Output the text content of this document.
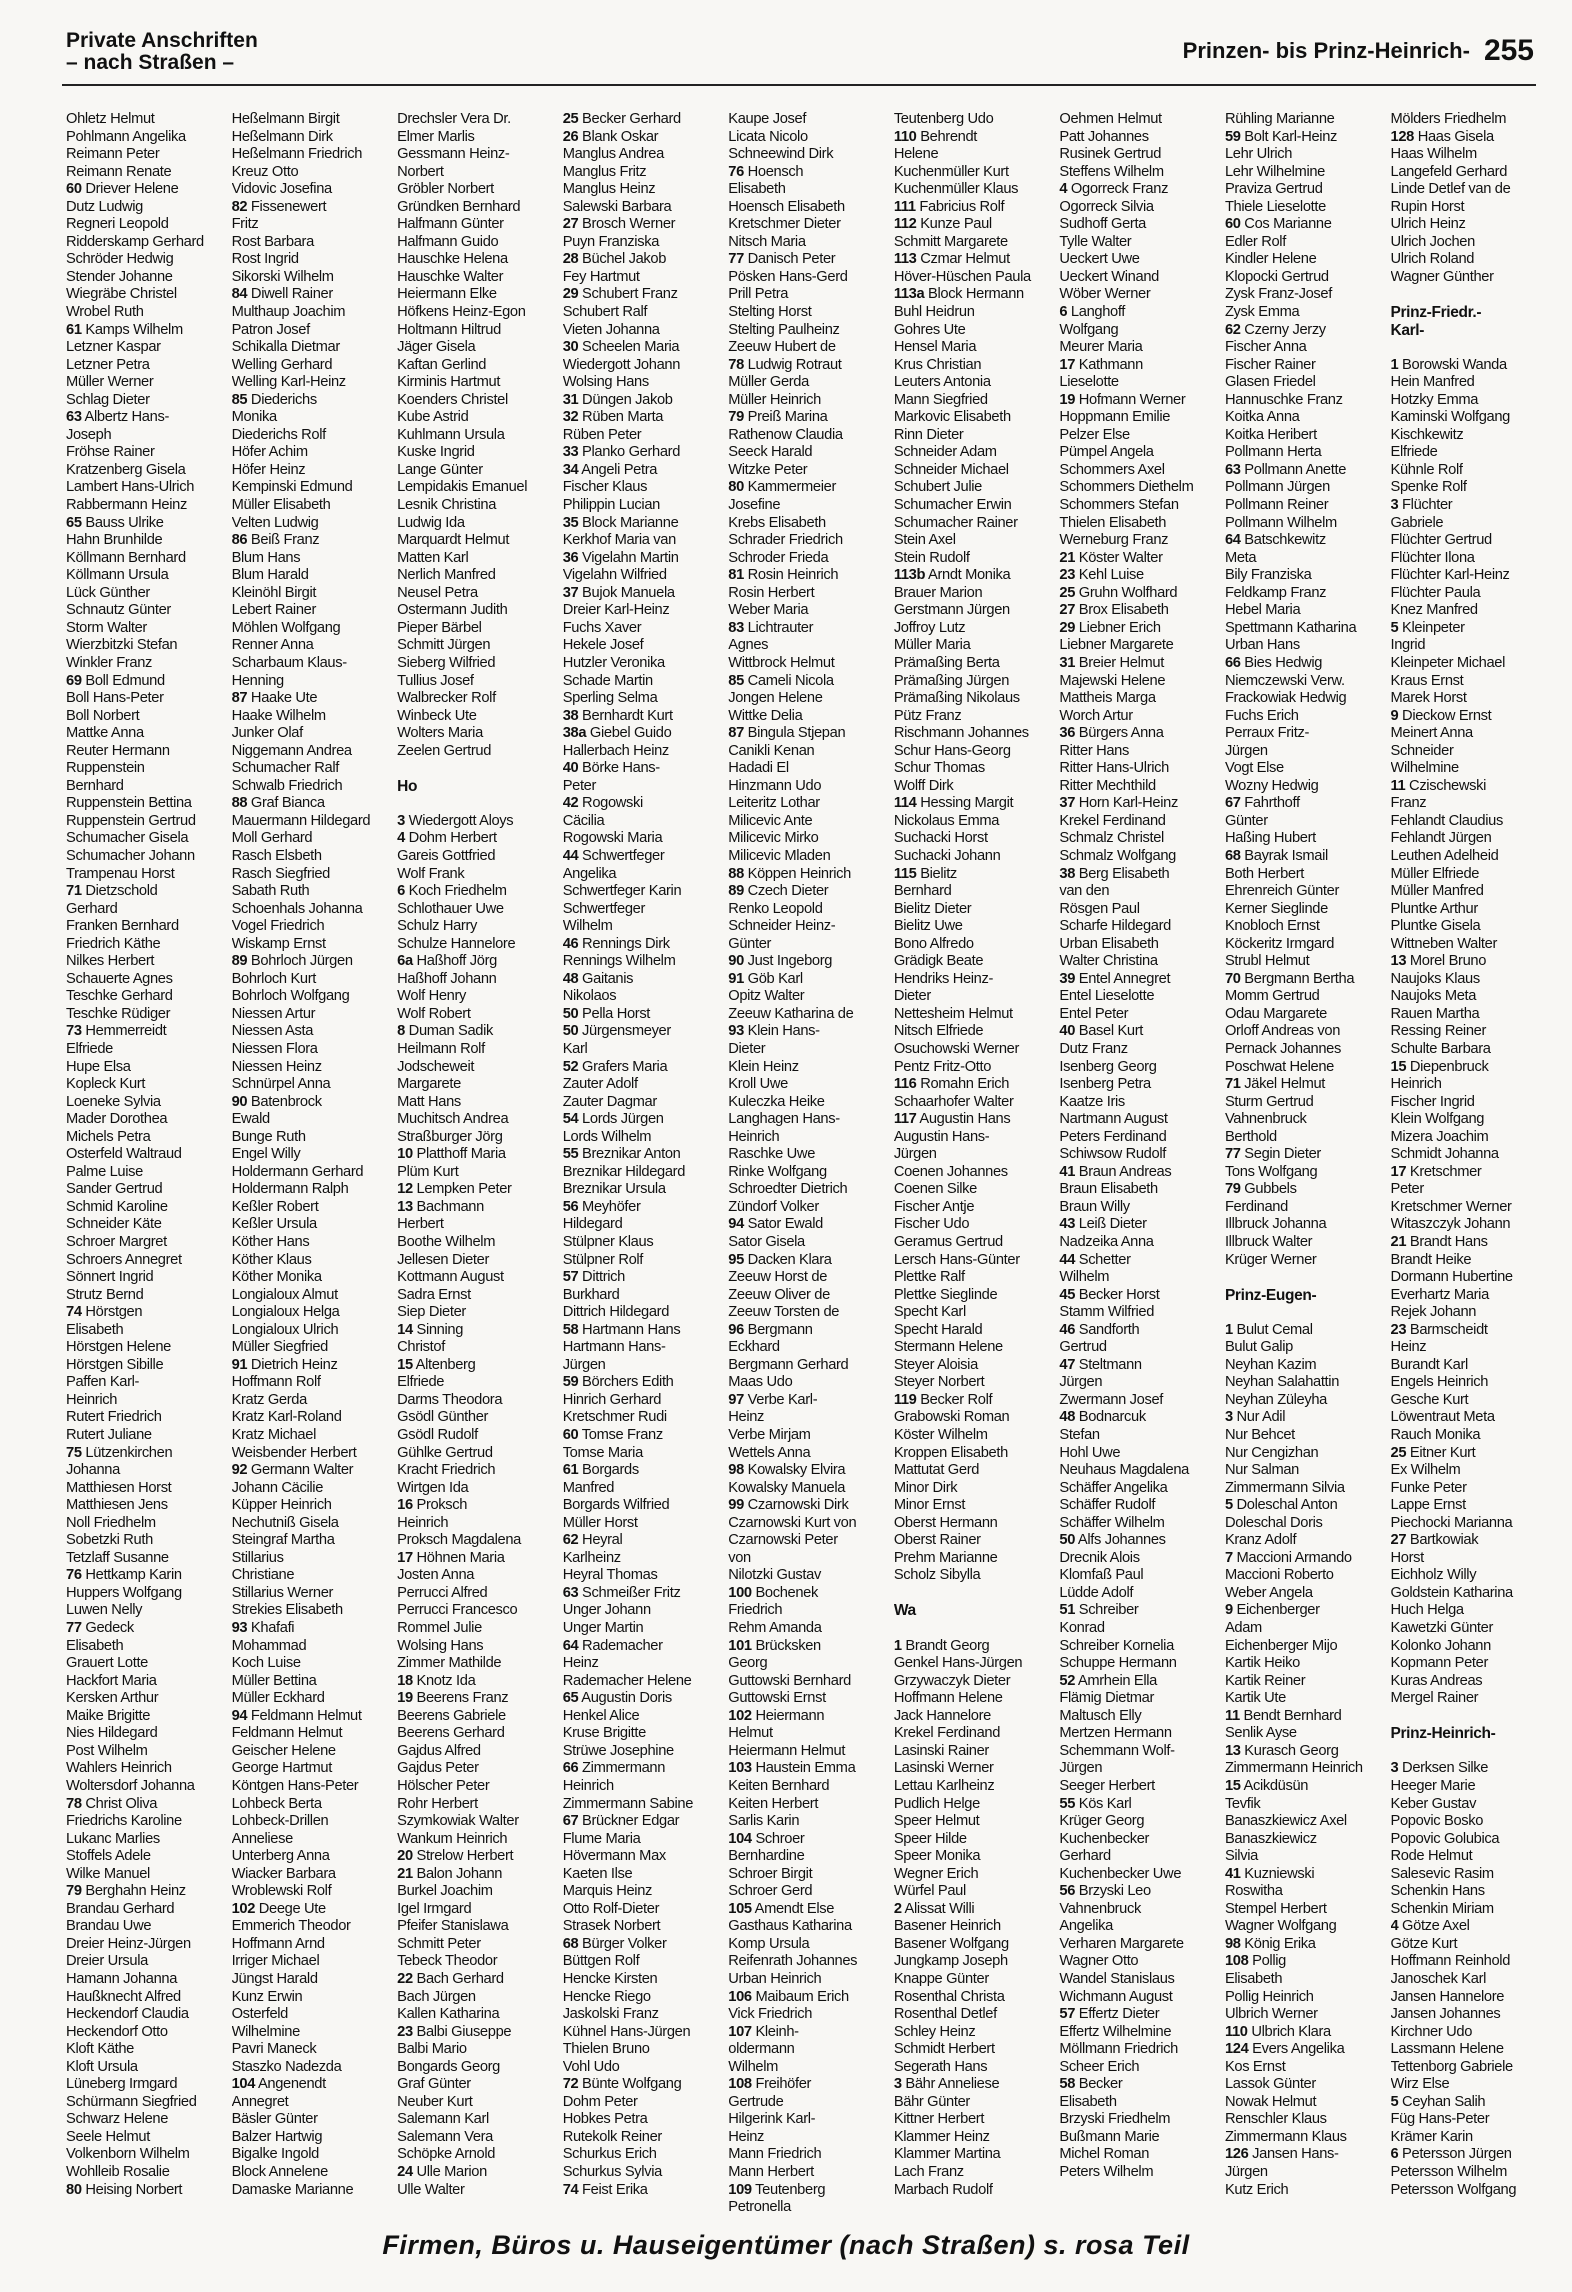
Private Anschriften
– nach Straßen –	Prinzen- bis Prinz-Heinrich- 255
Ohletz Helmut
Pohlmann Angelika
Reimann Peter
Reimann Renate
60 Driever Helene
Dutz Ludwig
Regneri Leopold
Ridderskamp Gerhard
Schröder Hedwig
Stender Johanne
Wiegräbe Christel
Wrobel Ruth
61 Kamps Wilhelm
Letzner Kaspar
Letzner Petra
Müller Werner
Schlag Dieter
63 Albertz Hans-
Joseph
Fröhse Rainer
Kratzenberg Gisela
Lambert Hans-Ulrich
Rabbermann Heinz
65 Bauss Ulrike
Hahn Brunhilde
Köllmann Bernhard
Köllmann Ursula
Lück Günther
Schnautz Günter
Storm Walter
Wierzbitzki Stefan
Winkler Franz
69 Boll Edmund
Boll Hans-Peter
Boll Norbert
Mattke Anna
Reuter Hermann
Ruppenstein
Bernhard
Ruppenstein Bettina
Ruppenstein Gertrud
Schumacher Gisela
Schumacher Johann
Trampenau Horst
71 Dietzschold
Gerhard
Franken Bernhard
Friedrich Käthe
Nilkes Herbert
Schauerte Agnes
Teschke Gerhard
Teschke Rüdiger
73 Hemmerreidt
Elfriede
Hupe Elsa
Kopleck Kurt
Loeneke Sylvia
Mader Dorothea
Michels Petra
Osterfeld Waltraud
Palme Luise
Sander Gertrud
Schmid Karoline
Schneider Käte
Schroer Margret
Schroers Annegret
Sönnert Ingrid
Strutz Bernd
74 Hörstgen
Elisabeth
Hörstgen Helene
Hörstgen Sibille
Paffen Karl-
Heinrich
Rutert Friedrich
Rutert Juliane
75 Lützenkirchen
Johanna
Matthiesen Horst
Matthiesen Jens
Noll Friedhelm
Sobetzki Ruth
Tetzlaff Susanne
76 Hettkamp Karin
Huppers Wolfgang
Luwen Nelly
77 Gedeck
Elisabeth
Grauert Lotte
Hackfort Maria
Kersken Arthur
Maike Brigitte
Nies Hildegard
Post Wilhelm
Wahlers Heinrich
Woltersdorf Johanna
78 Christ Oliva
Friedrichs Karoline
Lukanc Marlies
Stoffels Adele
Wilke Manuel
79 Berghahn Heinz
Brandau Gerhard
Brandau Uwe
Dreier Heinz-Jürgen
Dreier Ursula
Hamann Johanna
Haußknecht Alfred
Heckendorf Claudia
Heckendorf Otto
Kloft Käthe
Kloft Ursula
Lüneberg Irmgard
Schürmann Siegfried
Schwarz Helene
Seele Helmut
Volkenborn Wilhelm
Wohlleib Rosalie
80 Heising Norbert
Heßelmann Birgit
Heßelmann Dirk
Heßelmann Friedrich
Kreuz Otto
Vidovic Josefina
82 Fissenewert
Fritz
Rost Barbara
Rost Ingrid
Sikorski Wilhelm
84 Diwell Rainer
Multhaup Joachim
Patron Josef
Schikalla Dietmar
Welling Gerhard
Welling Karl-Heinz
85 Diederichs
Monika
Diederichs Rolf
Höfer Achim
Höfer Heinz
Kempinski Edmund
Müller Elisabeth
Velten Ludwig
86 Beiß Franz
Blum Hans
Blum Harald
Kleinöhl Birgit
Lebert Rainer
Möhlen Wolfgang
Renner Anna
Scharbaum Klaus-
Henning
87 Haake Ute
Haake Wilhelm
Junker Olaf
Niggemann Andrea
Schumacher Ralf
Schwalb Friedrich
88 Graf Bianca
Mauermann Hildegard
Moll Gerhard
Rasch Elsbeth
Rasch Siegfried
Sabath Ruth
Schoenhals Johanna
Vogel Friedrich
Wiskamp Ernst
89 Bohrloch Jürgen
Bohrloch Kurt
Bohrloch Wolfgang
Niessen Artur
Niessen Asta
Niessen Flora
Niessen Heinz
Schnürpel Anna
90 Batenbrock
Ewald
Bunge Ruth
Engel Willy
Holdermann Gerhard
Holdermann Ralph
Keßler Robert
Keßler Ursula
Köther Hans
Köther Klaus
Köther Monika
Longialoux Almut
Longialoux Helga
Longialoux Ulrich
Müller Siegfried
91 Dietrich Heinz
Hoffmann Rolf
Kratz Gerda
Kratz Karl-Roland
Kratz Michael
Weisbender Herbert
92 Germann Walter
Johann Cäcilie
Küpper Heinrich
Nechutniß Gisela
Steingraf Martha
Stillarius
Christiane
Stillarius Werner
Strekies Elisabeth
93 Khafafi
Mohammad
Koch Luise
Müller Bettina
Müller Eckhard
94 Feldmann Helmut
Feldmann Helmut
Geischer Helene
George Hartmut
Köntgen Hans-Peter
Lohbeck Berta
Lohbeck-Drillen
Anneliese
Unterberg Anna
Wiacker Barbara
Wroblewski Rolf
102 Deege Ute
Emmerich Theodor
Hoffmann Arnd
Irriger Michael
Jüngst Harald
Kunz Erwin
Osterfeld
Wilhelmine
Pavri Maneck
Staszko Nadezda
104 Angenendt
Annegret
Bäsler Günter
Balzer Hartwig
Bigalke Ingold
Block Annelene
Damaske Marianne
Drechsler Vera Dr.
Elmer Marlis
Gessmann Heinz-
Norbert
Gröbler Norbert
Gründken Bernhard
Halfmann Günter
Halfmann Guido
Hauschke Helena
Hauschke Walter
Heiermann Elke
Höfkens Heinz-Egon
Holtmann Hiltrud
Jäger Gisela
Kaftan Gerlind
Kirminis Hartmut
Koenders Christel
Kube Astrid
Kuhlmann Ursula
Kuske Ingrid
Lange Günter
Lempidakis Emanuel
Lesnik Christina
Ludwig Ida
Marquardt Helmut
Matten Karl
Nerlich Manfred
Neusel Petra
Ostermann Judith
Pieper Bärbel
Schmitt Jürgen
Sieberg Wilfried
Tullius Josef
Walbrecker Rolf
Winbeck Ute
Wolters Maria
Zeelen Gertrud
Ho
3 Wiedergott Aloys
4 Dohm Herbert
Gareis Gottfried
Wolf Frank
6 Koch Friedhelm
Schlothauer Uwe
Schulz Harry
Schulze Hannelore
6a Haßhoff Jörg
Haßhoff Johann
Wolf Henry
Wolf Robert
8 Duman Sadik
Heilmann Rolf
Jodscheweit
Margarete
Matt Hans
Muchitsch Andrea
Straßburger Jörg
10 Platthoff Maria
Plüm Kurt
12 Lempken Peter
13 Bachmann
Herbert
Boothe Wilhelm
Jellesen Dieter
Kottmann August
Sadra Ernst
Siep Dieter
14 Sinning
Christof
15 Altenberg
Elfriede
Darms Theodora
Gsödl Günther
Gsödl Rudolf
Gühlke Gertrud
Kracht Friedrich
Wirtgen Ida
16 Proksch
Heinrich
Proksch Magdalena
17 Höhnen Maria
Josten Anna
Perrucci Alfred
Perrucci Francesco
Rommel Julie
Wolsing Hans
Zimmer Mathilde
18 Knotz Ida
19 Beerens Franz
Beerens Gabriele
Beerens Gerhard
Gajdus Alfred
Gajdus Peter
Hölscher Peter
Rohr Herbert
Szymkowiak Walter
Wankum Heinrich
20 Strelow Herbert
21 Balon Johann
Burkel Joachim
Igel Irmgard
Pfeifer Stanislawa
Schmitt Peter
Tebeck Theodor
22 Bach Gerhard
Bach Jürgen
Kallen Katharina
23 Balbi Giuseppe
Balbi Mario
Bongards Georg
Graf Günter
Neuber Kurt
Salemann Karl
Salemann Vera
Schöpke Arnold
24 Ulle Marion
Ulle Walter
25 Becker Gerhard
26 Blank Oskar
Manglus Andrea
Manglus Fritz
Manglus Heinz
Salewski Barbara
27 Brosch Werner
Puyn Franziska
28 Büchel Jakob
Fey Hartmut
29 Schubert Franz
Schubert Ralf
Vieten Johanna
30 Scheelen Maria
Wiedergott Johann
Wolsing Hans
31 Düngen Jakob
32 Rüben Marta
Rüben Peter
33 Planko Gerhard
34 Angeli Petra
Fischer Klaus
Philippin Lucian
35 Block Marianne
Kerkhof Maria van
36 Vigelahn Martin
Vigelahn Wilfried
37 Bujok Manuela
Dreier Karl-Heinz
Fuchs Xaver
Hekele Josef
Hutzler Veronika
Schade Martin
Sperling Selma
38 Bernhardt Kurt
38a Giebel Guido
Hallerbach Heinz
40 Börke Hans-
Peter
42 Rogowski
Cäcilia
Rogowski Maria
44 Schwertfeger
Angelika
Schwertfeger Karin
Schwertfeger
Wilhelm
46 Rennings Dirk
Rennings Wilhelm
48 Gaitanis
Nikolaos
50 Pella Horst
50 Jürgensmeyer
Karl
52 Grafers Maria
Zauter Adolf
Zauter Dagmar
54 Lords Jürgen
Lords Wilhelm
55 Breznikar Anton
Breznikar Hildegard
Breznikar Ursula
56 Meyhöfer
Hildegard
Stülpner Klaus
Stülpner Rolf
57 Dittrich
Burkhard
Dittrich Hildegard
58 Hartmann Hans
Hartmann Hans-
Jürgen
59 Börchers Edith
Hinrich Gerhard
Kretschmer Rudi
60 Tomse Franz
Tomse Maria
61 Borgards
Manfred
Borgards Wilfried
Müller Horst
62 Heyral
Karlheinz
Heyral Thomas
63 Schmeißer Fritz
Unger Johann
Unger Martin
64 Rademacher
Heinz
Rademacher Helene
65 Augustin Doris
Henkel Alice
Kruse Brigitte
Strüwe Josephine
66 Zimmermann
Heinrich
Zimmermann Sabine
67 Brückner Edgar
Flume Maria
Hövermann Max
Kaeten Ilse
Marquis Heinz
Otto Rolf-Dieter
Strasek Norbert
68 Bürger Volker
Büttgen Rolf
Hencke Kirsten
Hencke Riego
Jaskolski Franz
Kühnel Hans-Jürgen
Thielen Bruno
Vohl Udo
72 Bünte Wolfgang
Dohm Peter
Hobkes Petra
Rutekolk Reiner
Schurkus Erich
Schurkus Sylvia
74 Feist Erika
Kaupe Josef
Licata Nicolo
Schneewind Dirk
76 Hoensch
Elisabeth
Hoensch Elisabeth
Kretschmer Dieter
Nitsch Maria
77 Danisch Peter
Pösken Hans-Gerd
Prill Petra
Stelting Horst
Stelting Paulheinz
Zeeuw Hubert de
78 Ludwig Rotraut
Müller Gerda
Müller Heinrich
79 Preiß Marina
Rathenow Claudia
Seeck Harald
Witzke Peter
80 Kammermeier
Josefine
Krebs Elisabeth
Schrader Friedrich
Schroder Frieda
81 Rosin Heinrich
Rosin Herbert
Weber Maria
83 Lichtrauter
Agnes
Wittbrock Helmut
85 Cameli Nicola
Jongen Helene
Wittke Delia
87 Bingula Stjepan
Canikli Kenan
Hadadi El
Hinzmann Udo
Leiteritz Lothar
Milicevic Ante
Milicevic Mirko
Milicevic Mladen
88 Köppen Heinrich
89 Czech Dieter
Renko Leopold
Schneider Heinz-
Günter
90 Just Ingeborg
91 Göb Karl
Opitz Walter
Zeeuw Katharina de
93 Klein Hans-
Dieter
Klein Heinz
Kroll Uwe
Kuleczka Heike
Langhagen Hans-
Heinrich
Raschke Uwe
Rinke Wolfgang
Schroedter Dietrich
Zündorf Volker
94 Sator Ewald
Sator Gisela
95 Dacken Klara
Zeeuw Horst de
Zeeuw Oliver de
Zeeuw Torsten de
96 Bergmann
Eckhard
Bergmann Gerhard
Maas Udo
97 Verbe Karl-
Heinz
Verbe Mirjam
Wettels Anna
98 Kowalsky Elvira
Kowalsky Manuela
99 Czarnowski Dirk
Czarnowski Kurt von
Czarnowski Peter
von
Nilotzki Gustav
100 Bochenek
Friedrich
Rehm Amanda
101 Brücksken
Georg
Guttowski Bernhard
Guttowski Ernst
102 Heiermann
Helmut
Heiermann Helmut
103 Haustein Emma
Keiten Bernhard
Keiten Herbert
Sarlis Karin
104 Schroer
Bernhardine
Schroer Birgit
Schroer Gerd
105 Amendt Else
Gasthaus Katharina
Komp Ursula
Reifenrath Johannes
Urban Heinrich
106 Maibaum Erich
Vick Friedrich
107 Kleinh-
oldermann
Wilhelm
108 Freihöfer
Gertrude
Hilgerink Karl-
Heinz
Mann Friedrich
Mann Herbert
109 Teutenberg
Petronella
Teutenberg Udo
110 Behrendt
Helene
Kuchenmüller Kurt
Kuchenmüller Klaus
111 Fabricius Rolf
112 Kunze Paul
Schmitt Margarete
113 Czmar Helmut
Höver-Hüschen Paula
113a Block Hermann
Buhl Heidrun
Gohres Ute
Hensel Maria
Krus Christian
Leuters Antonia
Mann Siegfried
Markovic Elisabeth
Rinn Dieter
Schneider Adam
Schneider Michael
Schubert Julie
Schumacher Erwin
Schumacher Rainer
Stein Axel
Stein Rudolf
113b Arndt Monika
Brauer Marion
Gerstmann Jürgen
Joffroy Lutz
Müller Maria
Prämaßing Berta
Prämaßing Jürgen
Prämaßing Nikolaus
Pütz Franz
Rischmann Johannes
Schur Hans-Georg
Schur Thomas
Wolff Dirk
114 Hessing Margit
Nickolaus Emma
Suchacki Horst
Suchacki Johann
115 Bielitz
Bernhard
Bielitz Dieter
Bielitz Uwe
Bono Alfredo
Grädigk Beate
Hendriks Heinz-
Dieter
Nettesheim Helmut
Nitsch Elfriede
Osuchowski Werner
Pentz Fritz-Otto
116 Romahn Erich
Schaarhofer Walter
117 Augustin Hans
Augustin Hans-
Jürgen
Coenen Johannes
Coenen Silke
Fischer Antje
Fischer Udo
Geramus Gertrud
Lersch Hans-Günter
Plettke Ralf
Plettke Sieglinde
Specht Karl
Specht Harald
Stermann Helene
Steyer Aloisia
Steyer Norbert
119 Becker Rolf
Grabowski Roman
Köster Wilhelm
Kroppen Elisabeth
Mattutat Gerd
Minor Dirk
Minor Ernst
Oberst Hermann
Oberst Rainer
Prehm Marianne
Scholz Sibylla
Wa
1 Brandt Georg
Genkel Hans-Jürgen
Grzywaczyk Dieter
Hoffmann Helene
Jack Hannelore
Krekel Ferdinand
Lasinski Rainer
Lasinski Werner
Lettau Karlheinz
Pudlich Helge
Speer Helmut
Speer Hilde
Speer Monika
Wegner Erich
Würfel Paul
2 Alissat Willi
Basener Heinrich
Basener Wolfgang
Jungkamp Joseph
Knappe Günter
Rosenthal Christa
Rosenthal Detlef
Schley Heinz
Schmidt Herbert
Segerath Hans
3 Bähr Anneliese
Bähr Günter
Kittner Herbert
Klammer Heinz
Klammer Martina
Lach Franz
Marbach Rudolf
Oehmen Helmut
Patt Johannes
Rusinek Gertrud
Steffens Wilhelm
4 Ogorreck Franz
Ogorreck Silvia
Sudhoff Gerta
Tylle Walter
Ueckert Uwe
Ueckert Winand
Wöber Werner
6 Langhoff
Wolfgang
Meurer Maria
17 Kathmann
Lieselotte
19 Hofmann Werner
Hoppmann Emilie
Pelzer Else
Pümpel Angela
Schommers Axel
Schommers Diethelm
Schommers Stefan
Thielen Elisabeth
Werneburg Franz
21 Köster Walter
23 Kehl Luise
25 Gruhn Wolfhard
27 Brox Elisabeth
29 Liebner Erich
Liebner Margarete
31 Breier Helmut
Majewski Helene
Mattheis Marga
Worch Artur
36 Bürgers Anna
Ritter Hans
Ritter Hans-Ulrich
Ritter Mechthild
37 Horn Karl-Heinz
Krekel Ferdinand
Schmalz Christel
Schmalz Wolfgang
38 Berg Elisabeth
van den
Rösgen Paul
Scharfe Hildegard
Urban Elisabeth
Walter Christina
39 Entel Annegret
Entel Lieselotte
Entel Peter
40 Basel Kurt
Dutz Franz
Isenberg Georg
Isenberg Petra
Kaatze Iris
Nartmann August
Peters Ferdinand
Schiwsow Rudolf
41 Braun Andreas
Braun Elisabeth
Braun Willy
43 Leiß Dieter
Nadzeika Anna
44 Schetter
Wilhelm
45 Becker Horst
Stamm Wilfried
46 Sandforth
Gertrud
47 Steltmann
Jürgen
Zwermann Josef
48 Bodnarcuk
Stefan
Hohl Uwe
Neuhaus Magdalena
Schäffer Angelika
Schäffer Rudolf
Schäffer Wilhelm
50 Alfs Johannes
Drecnik Alois
Klomfaß Paul
Lüdde Adolf
51 Schreiber
Konrad
Schreiber Kornelia
Schuppe Hermann
52 Amrhein Ella
Flämig Dietmar
Maltusch Elly
Mertzen Hermann
Schemmann Wolf-
Jürgen
Seeger Herbert
55 Kös Karl
Krüger Georg
Kuchenbecker
Gerhard
Kuchenbecker Uwe
56 Brzyski Leo
Vahnenbruck
Angelika
Verharen Margarete
Wagner Otto
Wandel Stanislaus
Wichmann August
57 Effertz Dieter
Effertz Wilhelmine
Möllmann Friedrich
Scheer Erich
58 Becker
Elisabeth
Brzyski Friedhelm
Bußmann Marie
Michel Roman
Peters Wilhelm
Rühling Marianne
59 Bolt Karl-Heinz
Lehr Ulrich
Lehr Wilhelmine
Praviza Gertrud
Thiele Lieselotte
60 Cos Marianne
Edler Rolf
Kindler Helene
Klopocki Gertrud
Zysk Franz-Josef
Zysk Emma
62 Czerny Jerzy
Fischer Anna
Fischer Rainer
Glasen Friedel
Hannuschke Franz
Koitka Anna
Koitka Heribert
Pollmann Herta
63 Pollmann Anette
Pollmann Jürgen
Pollmann Reiner
Pollmann Wilhelm
64 Batschkewitz
Meta
Bily Franziska
Feldkamp Franz
Hebel Maria
Spettmann Katharina
Urban Hans
66 Bies Hedwig
Niemczewski Verw.
Frackowiak Hedwig
Fuchs Erich
Perraux Fritz-
Jürgen
Vogt Else
Wozny Hedwig
67 Fahrthoff
Günter
Haßing Hubert
68 Bayrak Ismail
Both Herbert
Ehrenreich Günter
Kerner Sieglinde
Knobloch Ernst
Köckeritz Irmgard
Strubl Helmut
70 Bergmann Bertha
Momm Gertrud
Odau Margarete
Orloff Andreas von
Pernack Johannes
Poschwat Helene
71 Jäkel Helmut
Sturm Gertrud
Vahnenbruck
Berthold
77 Segin Dieter
Tons Wolfgang
79 Gubbels
Ferdinand
Illbruck Johanna
Illbruck Walter
Krüger Werner
Prinz-Eugen-
1 Bulut Cemal
Bulut Galip
Neyhan Kazim
Neyhan Salahattin
Neyhan Züleyha
3 Nur Adil
Nur Behcet
Nur Cengizhan
Nur Salman
Zimmermann Silvia
5 Doleschal Anton
Doleschal Doris
Kranz Adolf
7 Maccioni Armando
Maccioni Roberto
Weber Angela
9 Eichenberger
Adam
Eichenberger Mijo
Kartik Heiko
Kartik Reiner
Kartik Ute
11 Bendt Bernhard
Senlik Ayse
13 Kurasch Georg
Zimmermann Heinrich
15 Acikdüsün
Tevfik
Banaszkiewicz Axel
Banaszkiewicz
Silvia
41 Kuzniewski
Roswitha
Stempel Herbert
Wagner Wolfgang
98 König Erika
108 Pollig
Elisabeth
Pollig Heinrich
Ulbrich Werner
110 Ulbrich Klara
124 Evers Angelika
Kos Ernst
Lassok Günter
Nowak Helmut
Renschler Klaus
Zimmermann Klaus
126 Jansen Hans-
Jürgen
Kutz Erich
Mölders Friedhelm
128 Haas Gisela
Haas Wilhelm
Langefeld Gerhard
Linde Detlef van de
Rupin Horst
Ulrich Heinz
Ulrich Jochen
Ulrich Roland
Wagner Günther
Prinz-Friedr.-
Karl-
1 Borowski Wanda
Hein Manfred
Hotzky Emma
Kaminski Wolfgang
Kischkewitz
Elfriede
Kühnle Rolf
Spenke Rolf
3 Flüchter
Gabriele
Flüchter Gertrud
Flüchter Ilona
Flüchter Karl-Heinz
Flüchter Paula
Knez Manfred
5 Kleinpeter
Ingrid
Kleinpeter Michael
Kraus Ernst
Marek Horst
9 Dieckow Ernst
Meinert Anna
Schneider
Wilhelmine
11 Czischewski
Franz
Fehlandt Claudius
Fehlandt Jürgen
Leuthen Adelheid
Müller Elfriede
Müller Manfred
Pluntke Arthur
Pluntke Gisela
Wittneben Walter
13 Morel Bruno
Naujoks Klaus
Naujoks Meta
Rauen Martha
Ressing Reiner
Schulte Barbara
15 Diepenbruck
Heinrich
Fischer Ingrid
Klein Wolfgang
Mizera Joachim
Schmidt Johanna
17 Kretschmer
Peter
Kretschmer Werner
Witaszczyk Johann
21 Brandt Hans
Brandt Heike
Dormann Hubertine
Everhartz Maria
Rejek Johann
23 Barmscheidt
Heinz
Burandt Karl
Engels Heinrich
Gesche Kurt
Löwentraut Meta
Rauch Monika
25 Eitner Kurt
Ex Wilhelm
Funke Peter
Lappe Ernst
Piechocki Marianna
27 Bartkowiak
Horst
Eichholz Willy
Goldstein Katharina
Huch Helga
Kawetzki Günter
Kolonko Johann
Kopmann Peter
Kuras Andreas
Mergel Rainer
Prinz-Heinrich-
3 Derksen Silke
Heeger Marie
Keber Gustav
Popovic Bosko
Popovic Golubica
Rode Helmut
Salesevic Rasim
Schenkin Hans
Schenkin Miriam
4 Götze Axel
Götze Kurt
Hoffmann Reinhold
Janoschek Karl
Jansen Hannelore
Jansen Johannes
Kirchner Udo
Lassmann Helene
Tettenborg Gabriele
Wirz Else
5 Ceyhan Salih
Füg Hans-Peter
Krämer Karin
6 Petersson Jürgen
Petersson Wilhelm
Petersson Wolfgang
Firmen, Büros u. Hauseigentümer (nach Straßen) s. rosa Teil
